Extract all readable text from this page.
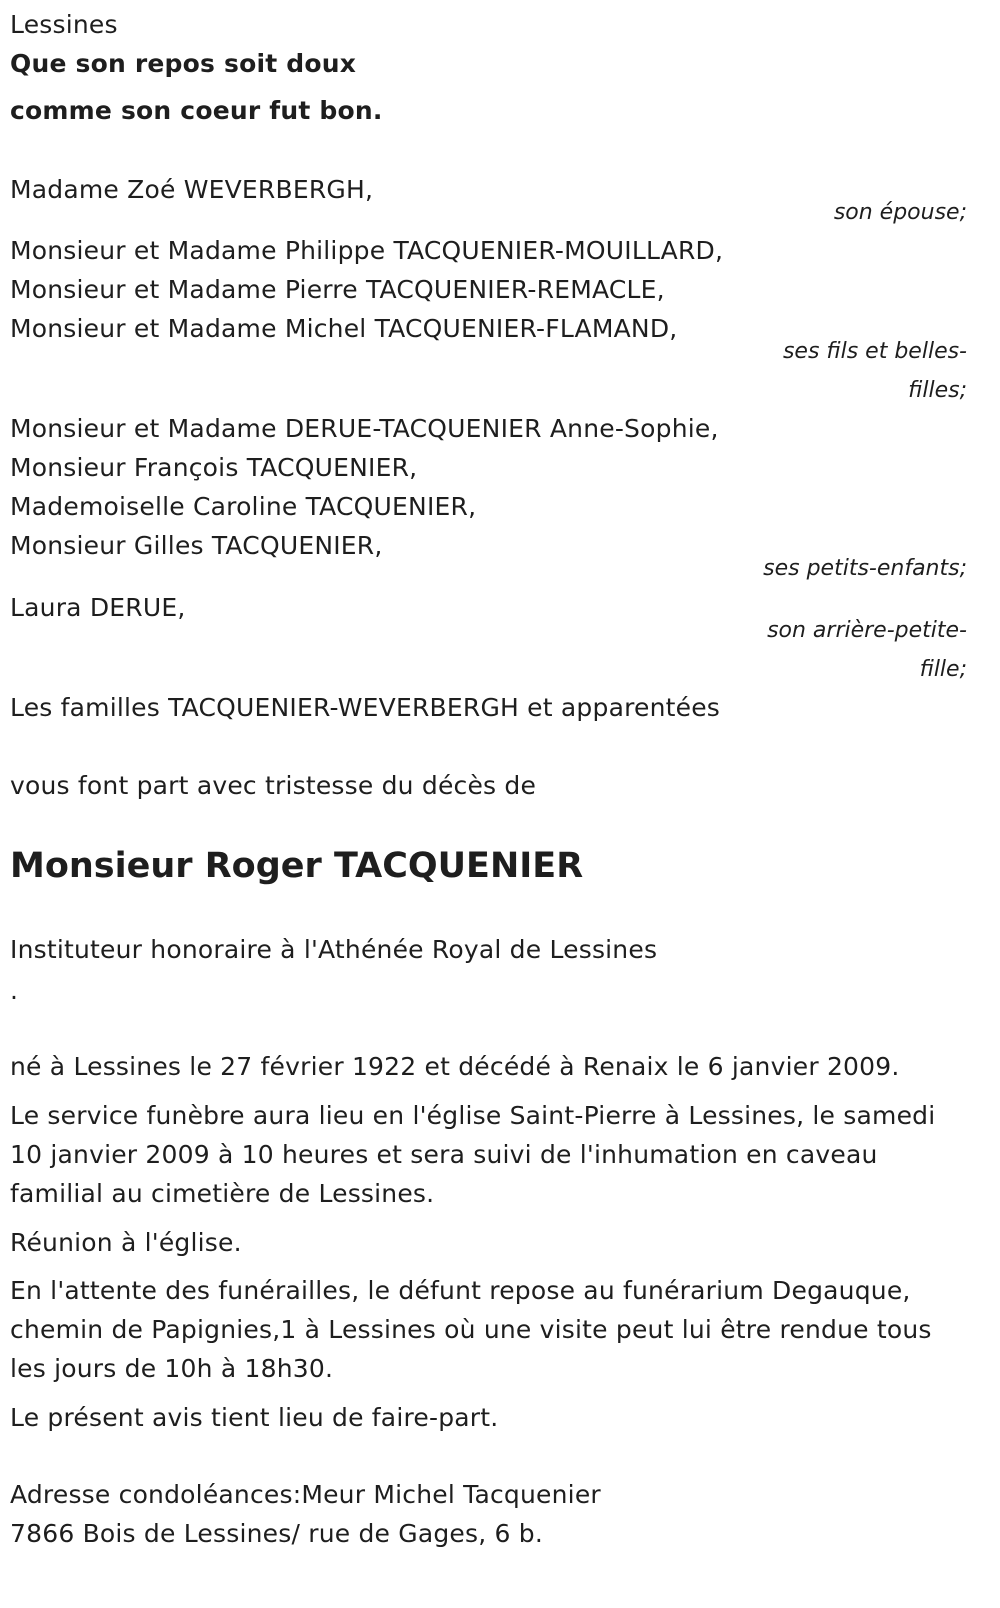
Lessines
Que son repos soit doux
comme son coeur fut bon.
Madame Zoé WEVERBERGH,
son épouse;
Monsieur et Madame Philippe TACQUENIER-MOUILLARD,
Monsieur et Madame Pierre TACQUENIER-REMACLE,
Monsieur et Madame Michel TACQUENIER-FLAMAND,
ses fils et belles-
filles;
Monsieur et Madame DERUE-TACQUENIER Anne-Sophie,
Monsieur François TACQUENIER,
Mademoiselle Caroline TACQUENIER,
Monsieur Gilles TACQUENIER,
ses petits-enfants;
Laura DERUE,
son arrière-petite-
fille;
Les familles TACQUENIER-WEVERBERGH et apparentées
vous font part avec tristesse du décès de
Monsieur Roger TACQUENIER
Instituteur honoraire à l'Athénée Royal de Lessines
.
né à Lessines le 27 février 1922 et décédé à Renaix le 6 janvier 2009.
Le service funèbre aura lieu en l'église Saint-Pierre à Lessines, le samedi 10 janvier 2009 à 10 heures et sera suivi de l'inhumation en caveau familial au cimetière de Lessines.
Réunion à l'église.
En l'attente des funérailles, le défunt repose au funérarium Degauque, chemin de Papignies,1 à Lessines où une visite peut lui être rendue tous les jours de 10h à 18h30.
Le présent avis tient lieu de faire-part.
Adresse condoléances:Meur Michel Tacquenier
7866 Bois de Lessines/ rue de Gages, 6 b.
